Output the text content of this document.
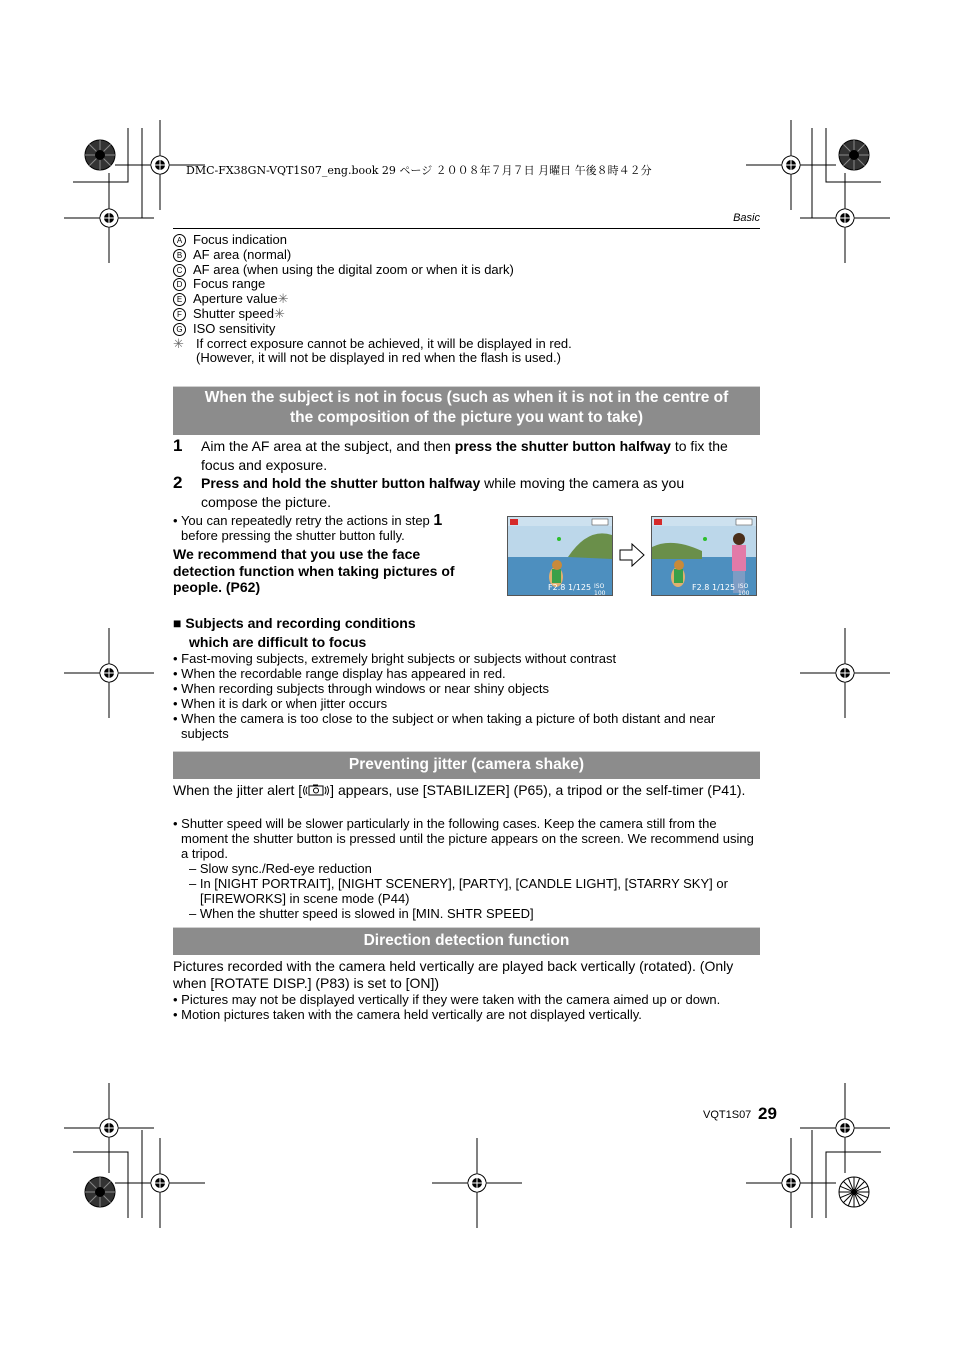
DMC-FX38GN-VQT1S07_eng.book 29 ページ ２００８年７月７日 月曜日 午後８時４２分
Basic
A Focus indication
B AF area (normal)
C AF area (when using the digital zoom or when it is dark)
D Focus range
E Aperture value✳
F Shutter speed✳
G ISO sensitivity
✳ If correct exposure cannot be achieved, it will be displayed in red.
(However, it will not be displayed in red when the flash is used.)
When the subject is not in focus (such as when it is not in the centre of
the composition of the picture you want to take)
1 Aim the AF area at the subject, and then press the shutter button halfway to fix the focus and exposure.
2 Press and hold the shutter button halfway while moving the camera as you compose the picture.
• You can repeatedly retry the actions in step 1
before pressing the shutter button fully.
We recommend that you use the face detection function when taking pictures of people. (P62)	F2.8 1/125 ISO 100
F2.8 1/125 ISO 100
■ Subjects and recording conditions
which are difficult to focus
• Fast-moving subjects, extremely bright subjects or subjects without contrast
• When the recordable range display has appeared in red.
• When recording subjects through windows or near shiny objects
• When it is dark or when jitter occurs
• When the camera is too close to the subject or when taking a picture of both distant and near subjects
Preventing jitter (camera shake)
When the jitter alert [ ] appears, use [STABILIZER] (P65), a tripod or the self-timer (P41).
• Shutter speed will be slower particularly in the following cases. Keep the camera still from the moment the shutter button is pressed until the picture appears on the screen. We recommend using a tripod.
– Slow sync./Red-eye reduction
– In [NIGHT PORTRAIT], [NIGHT SCENERY], [PARTY], [CANDLE LIGHT], [STARRY SKY] or [FIREWORKS] in scene mode (P44)
– When the shutter speed is slowed in [MIN. SHTR SPEED]
Direction detection function
Pictures recorded with the camera held vertically are played back vertically (rotated). (Only when [ROTATE DISP.] (P83) is set to [ON])
• Pictures may not be displayed vertically if they were taken with the camera aimed up or down.
• Motion pictures taken with the camera held vertically are not displayed vertically.
VQT1S07 29
